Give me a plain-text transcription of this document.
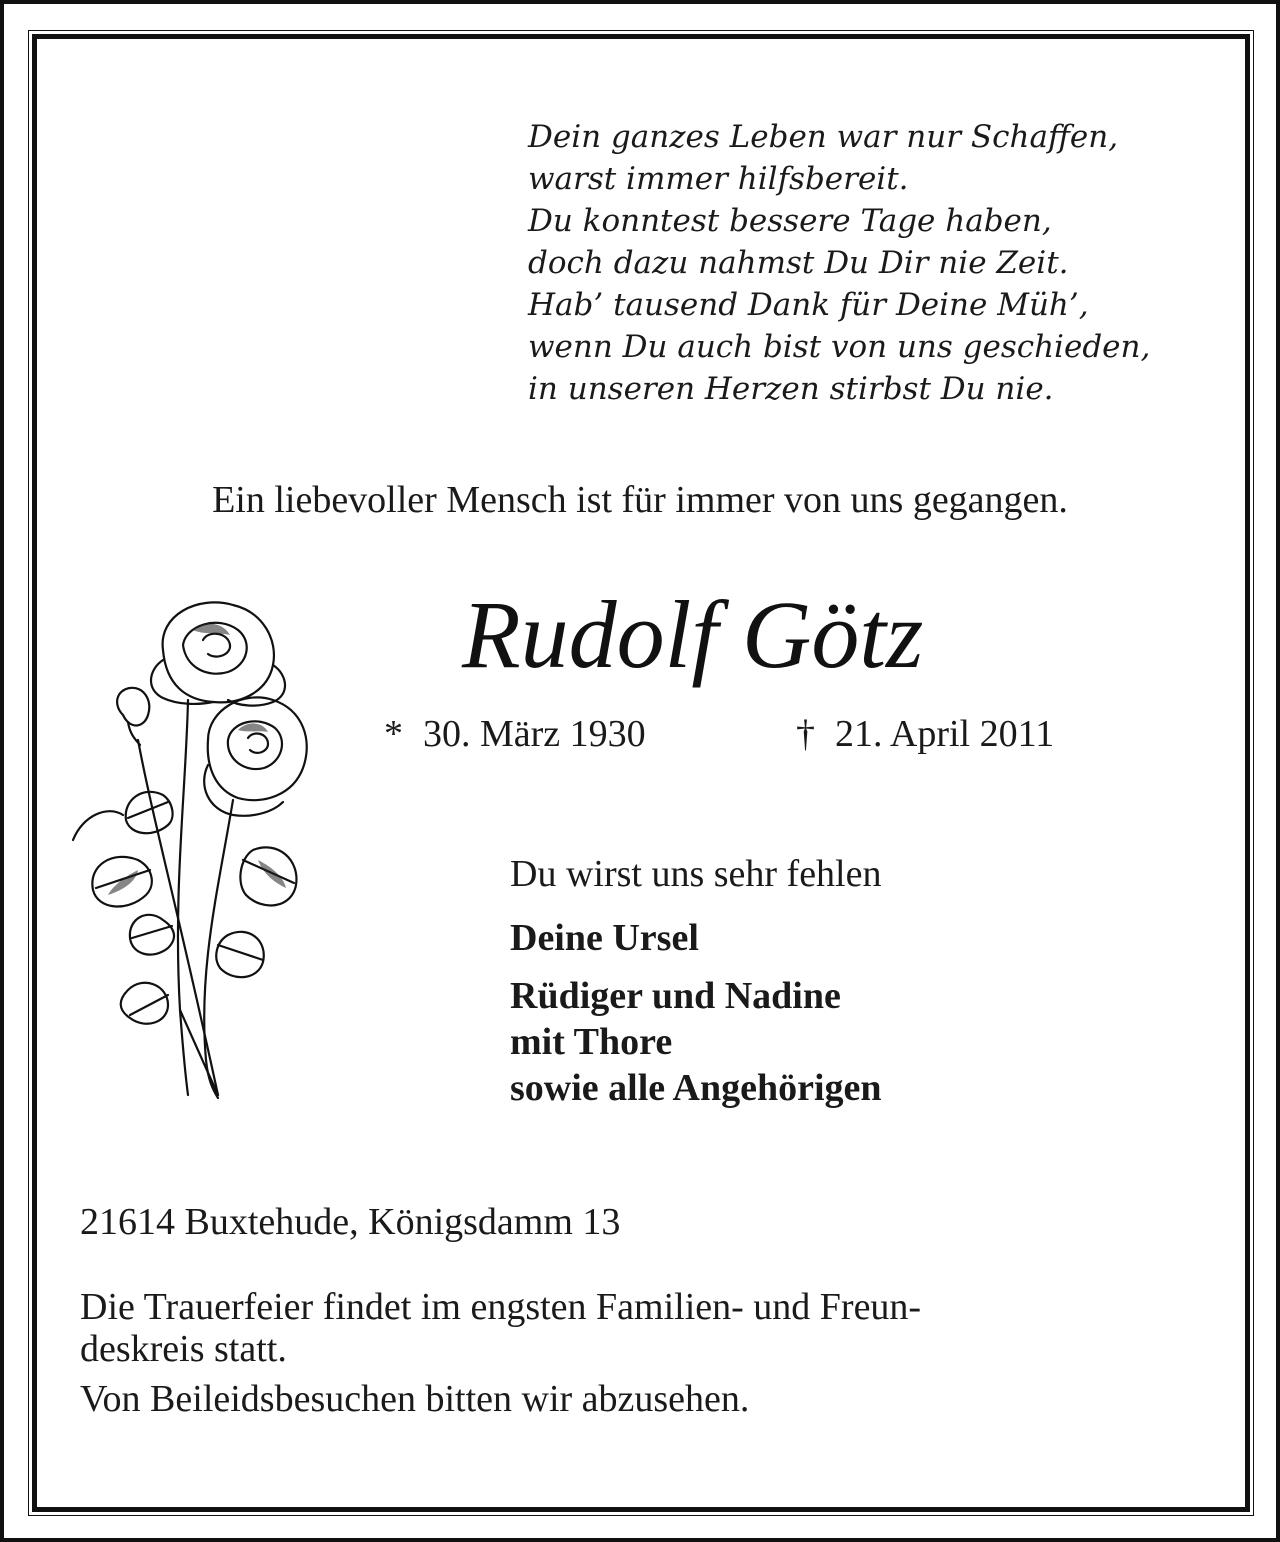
Dein ganzes Leben war nur Schaffen,
warst immer hilfsbereit.
Du konntest bessere Tage haben,
doch dazu nahmst Du Dir nie Zeit.
Hab’ tausend Dank für Deine Müh’,
wenn Du auch bist von uns geschieden,
in unseren Herzen stirbst Du nie.
Ein liebevoller Mensch ist für immer von uns gegangen.
Rudolf Götz
* 30. März 1930	† 21. April 2011
Du wirst uns sehr fehlen
Deine Ursel
Rüdiger und Nadine
mit Thore
sowie alle Angehörigen
21614 Buxtehude, Königsdamm 13
Die Trauerfeier findet im engsten Familien- und Freun-
deskreis statt.
Von Beileidsbesuchen bitten wir abzusehen.
